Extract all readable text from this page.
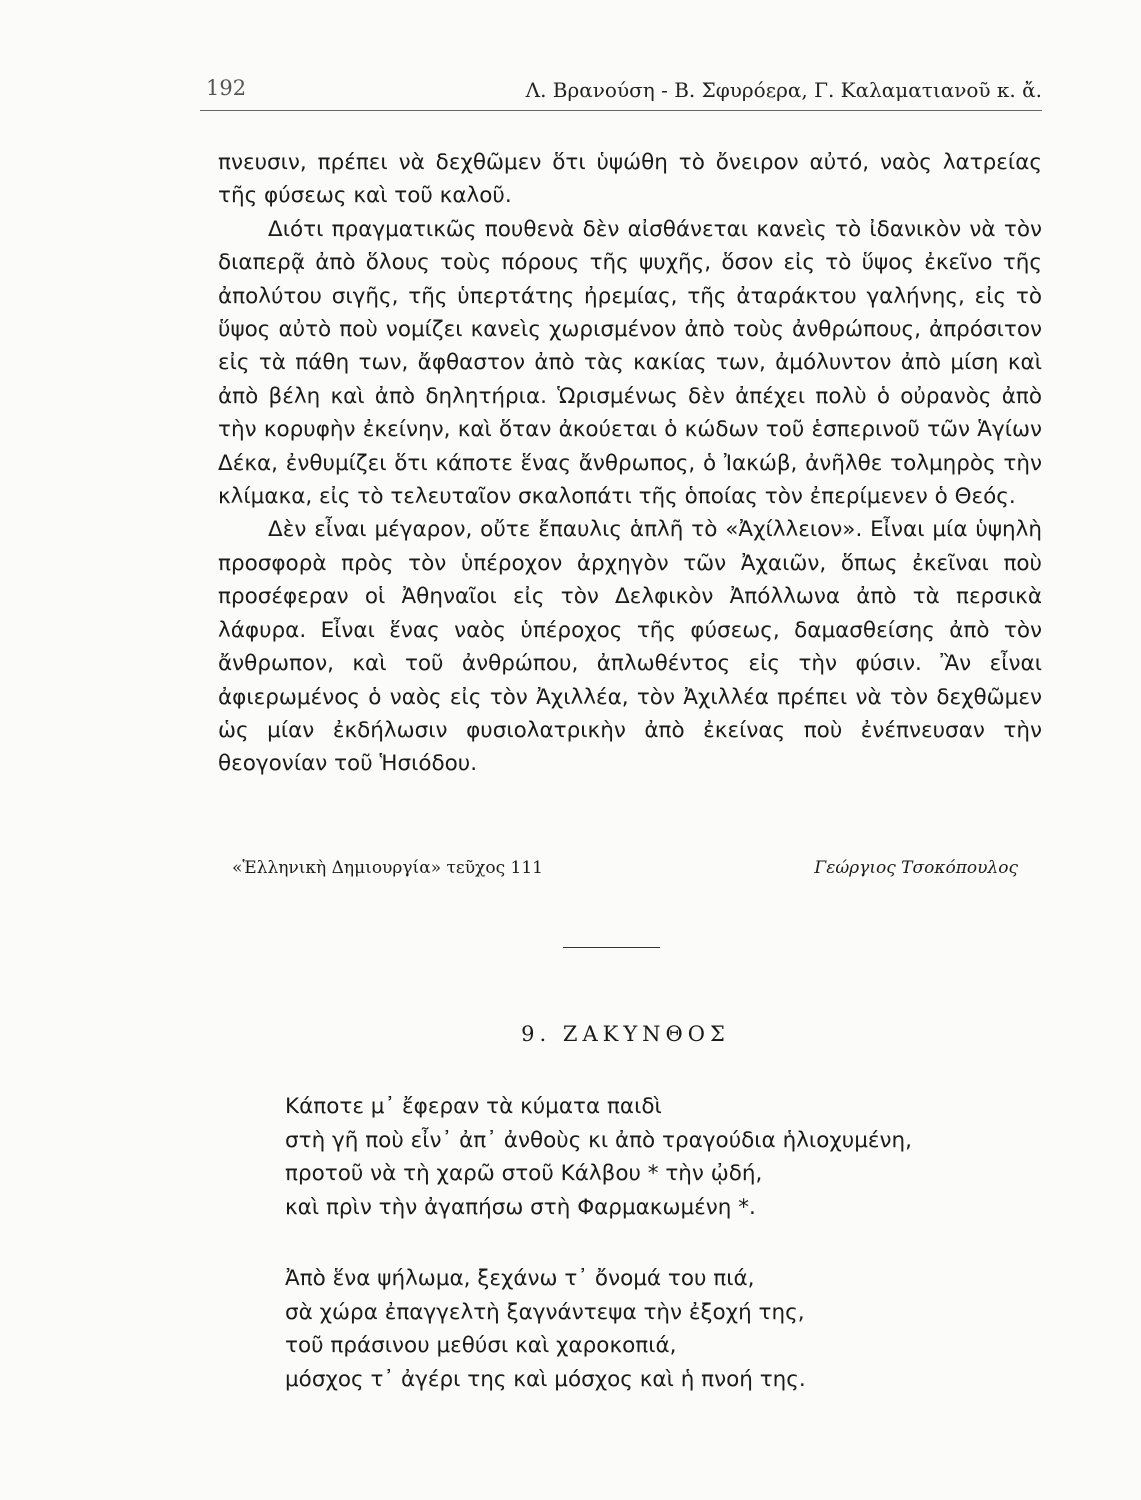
192	Λ. Βρανούση - Β. Σφυρόερα, Γ. Καλαματιανοῦ κ. ἄ.

πνευσιν, πρέπει νὰ δεχθῶμεν ὅτι ὑψώθη τὸ ὄνειρον αὐτό, ναὸς λατρείας τῆς φύσεως καὶ τοῦ καλοῦ.

Διότι πραγματικῶς πουθενὰ δὲν αἰσθάνεται κανεὶς τὸ ἰδανικὸν νὰ τὸν διαπερᾷ ἀπὸ ὅλους τοὺς πόρους τῆς ψυχῆς, ὅσον εἰς τὸ ὕψος ἐκεῖνο τῆς ἀπολύτου σιγῆς, τῆς ὑπερτάτης ἠρεμίας, τῆς ἀταράκτου γαλήνης, εἰς τὸ ὕψος αὐτὸ ποὺ νομίζει κανεὶς χωρισμένον ἀπὸ τοὺς ἀνθρώπους, ἀπρόσιτον εἰς τὰ πάθη των, ἄφθαστον ἀπὸ τὰς κακίας των, ἀμόλυντον ἀπὸ μίση καὶ ἀπὸ βέλη καὶ ἀπὸ δηλητήρια. Ὡρισμένως δὲν ἀπέχει πολὺ ὁ οὐρανὸς ἀπὸ τὴν κορυφὴν ἐκείνην, καὶ ὅταν ἀκούεται ὁ κώδων τοῦ ἑσπερινοῦ τῶν Ἁγίων Δέκα, ἐνθυμίζει ὅτι κάποτε ἕνας ἄνθρωπος, ὁ Ἰακώβ, ἀνῆλθε τολμηρὸς τὴν κλίμακα, εἰς τὸ τελευταῖον σκαλοπάτι τῆς ὁποίας τὸν ἐπερίμενεν ὁ Θεός.

Δὲν εἶναι μέγαρον, οὔτε ἔπαυλις ἁπλῆ τὸ «Ἀχίλλειον». Εἶναι μία ὑψηλὴ προσφορὰ πρὸς τὸν ὑπέροχον ἀρχηγὸν τῶν Ἀχαιῶν, ὅπως ἐκεῖναι ποὺ προσέφεραν οἱ Ἀθηναῖοι εἰς τὸν Δελφικὸν Ἀπόλλωνα ἀπὸ τὰ περσικὰ λάφυρα. Εἶναι ἕνας ναὸς ὑπέροχος τῆς φύσεως, δαμασθείσης ἀπὸ τὸν ἄνθρωπον, καὶ τοῦ ἀνθρώπου, ἀπλωθέντος εἰς τὴν φύσιν. Ἂν εἶναι ἀφιερωμένος ὁ ναὸς εἰς τὸν Ἀχιλλέα, τὸν Ἀχιλλέα πρέπει νὰ τὸν δεχθῶμεν ὡς μίαν ἐκδήλωσιν φυσιολατρικὴν ἀπὸ ἐκείνας ποὺ ἐνέπνευσαν τὴν θεογονίαν τοῦ Ἡσιόδου.

«Ἑλληνικὴ Δημιουργία» τεῦχος 111	Γεώργιος Τσοκόπουλος
9. ΖΑΚΥΝΘΟΣ
Κάποτε μ᾽ ἔφεραν τὰ κύματα παιδὶ
στὴ γῆ ποὺ εἶν᾽ ἀπ᾽ ἀνθοὺς κι ἀπὸ τραγούδια ἡλιοχυμένη,
προτοῦ νὰ τὴ χαρῶ στοῦ Κάλβου * τὴν ᾠδή,
καὶ πρὶν τὴν ἀγαπήσω στὴ Φαρμακωμένη *.
Ἀπὸ ἕνα ψήλωμα, ξεχάνω τ᾽ ὄνομά του πιά,
σὰ χώρα ἐπαγγελτὴ ξαγνάντεψα τὴν ἐξοχή της,
τοῦ πράσινου μεθύσι καὶ χαροκοπιά,
μόσχος τ᾽ ἀγέρι της καὶ μόσχος καὶ ἡ πνοή της.
